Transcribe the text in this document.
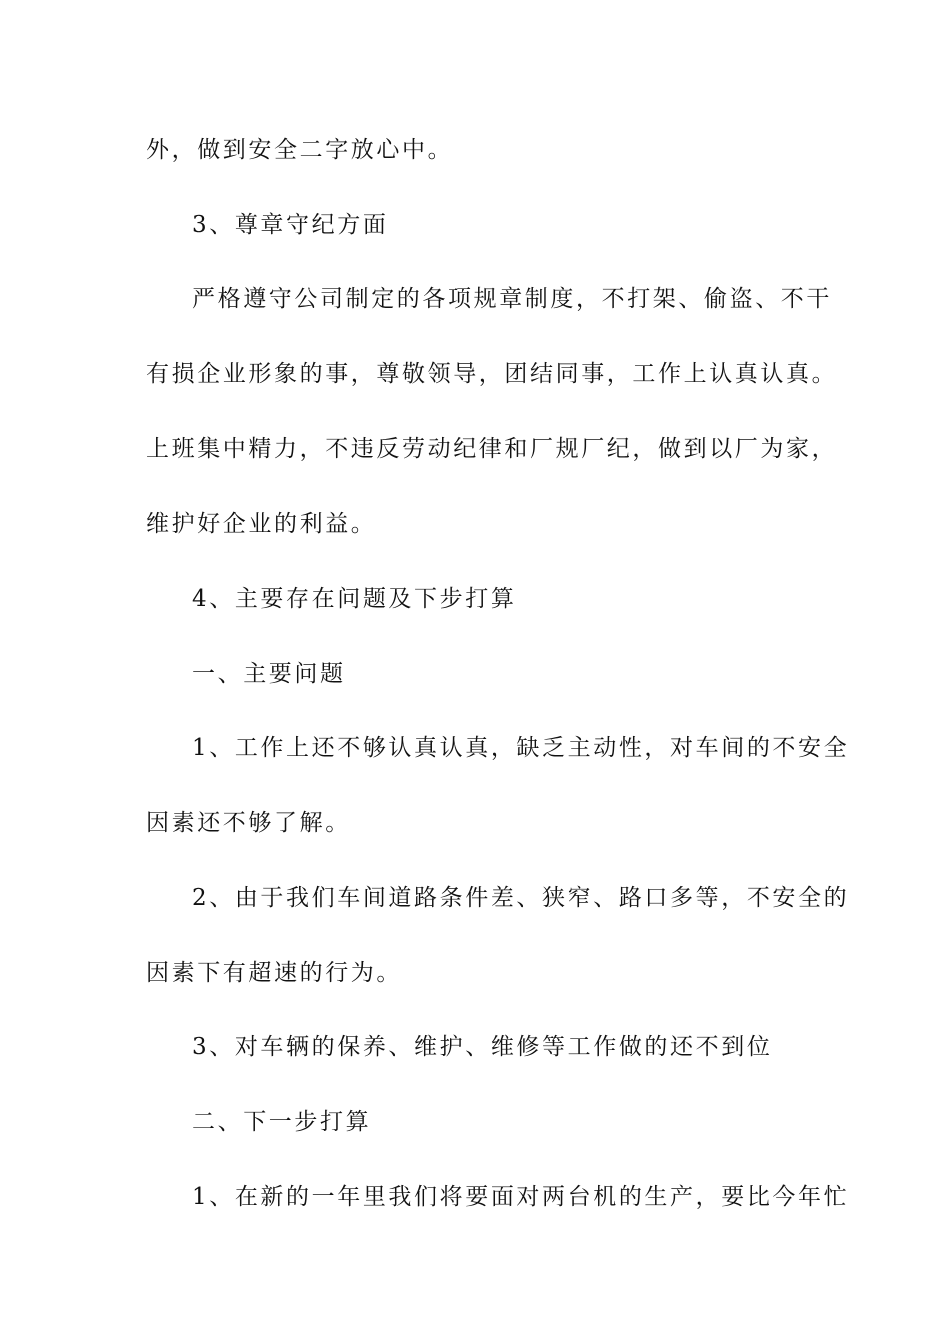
外，做到安全二字放心中。
3、尊章守纪方面
严格遵守公司制定的各项规章制度，不打架、偷盗、不干
有损企业形象的事，尊敬领导，团结同事，工作上认真认真。
上班集中精力，不违反劳动纪律和厂规厂纪，做到以厂为家，
维护好企业的利益。
4、主要存在问题及下步打算
一、主要问题
1、工作上还不够认真认真，缺乏主动性，对车间的不安全
因素还不够了解。
2、由于我们车间道路条件差、狭窄、路口多等，不安全的
因素下有超速的行为。
3、对车辆的保养、维护、维修等工作做的还不到位
二、下一步打算
1、在新的一年里我们将要面对两台机的生产，要比今年忙
